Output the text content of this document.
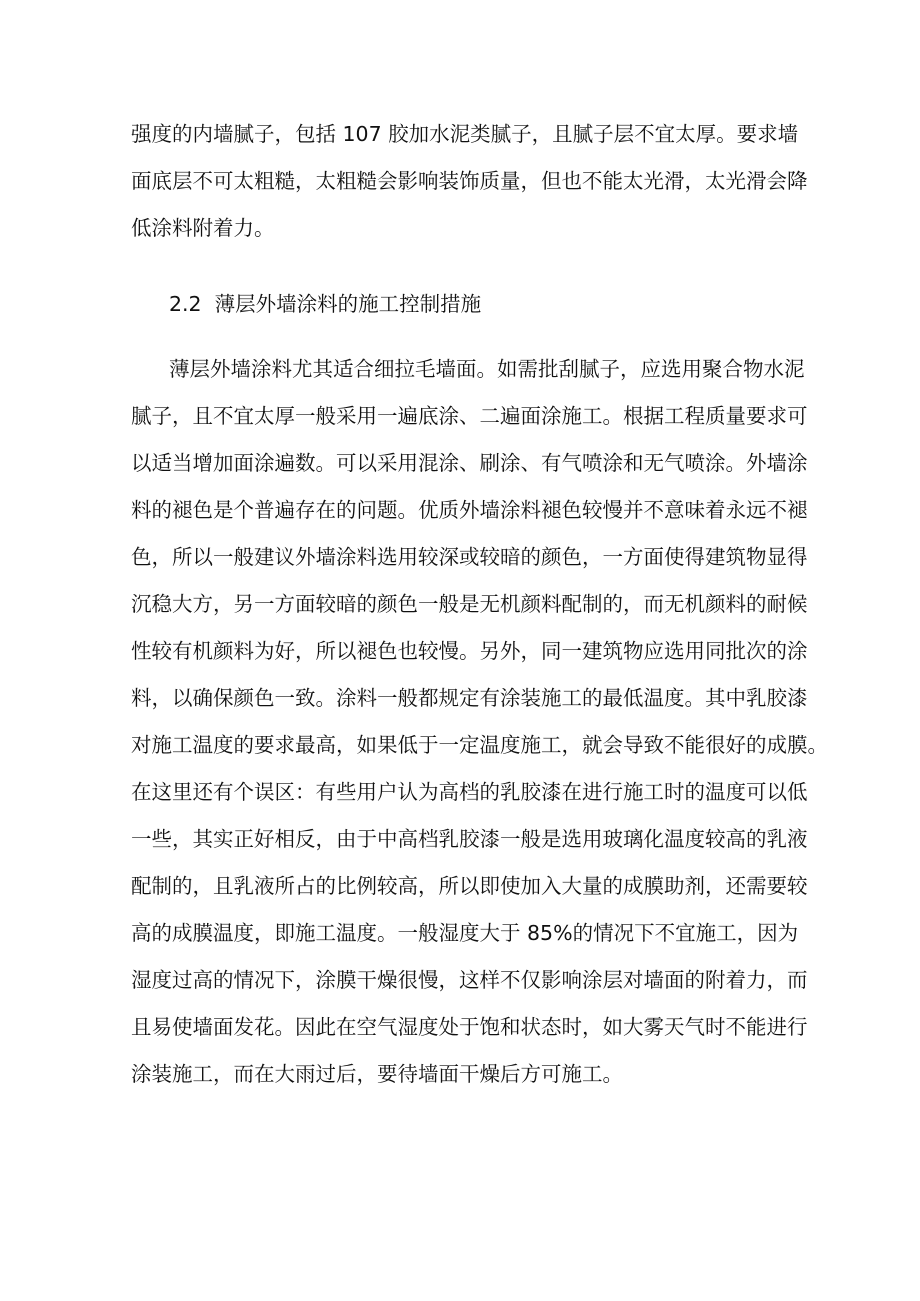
强度的内墙腻子，包括 107 胶加水泥类腻子，且腻子层不宜太厚。要求墙
面底层不可太粗糙，太粗糙会影响装饰质量，但也不能太光滑，太光滑会降
低涂料附着力。
2.2  薄层外墙涂料的施工控制措施
薄层外墙涂料尤其适合细拉毛墙面。如需批刮腻子，应选用聚合物水泥
腻子，且不宜太厚一般采用一遍底涂、二遍面涂施工。根据工程质量要求可
以适当增加面涂遍数。可以采用混涂、刷涂、有气喷涂和无气喷涂。外墙涂
料的褪色是个普遍存在的问题。优质外墙涂料褪色较慢并不意味着永远不褪
色，所以一般建议外墙涂料选用较深或较暗的颜色，一方面使得建筑物显得
沉稳大方，另一方面较暗的颜色一般是无机颜料配制的，而无机颜料的耐候
性较有机颜料为好，所以褪色也较慢。另外，同一建筑物应选用同批次的涂
料，以确保颜色一致。涂料一般都规定有涂装施工的最低温度。其中乳胶漆
对施工温度的要求最高，如果低于一定温度施工，就会导致不能很好的成膜。
在这里还有个误区：有些用户认为高档的乳胶漆在进行施工时的温度可以低
一些，其实正好相反，由于中高档乳胶漆一般是选用玻璃化温度较高的乳液
配制的，且乳液所占的比例较高，所以即使加入大量的成膜助剂，还需要较
高的成膜温度，即施工温度。一般湿度大于 85%的情况下不宜施工，因为
湿度过高的情况下，涂膜干燥很慢，这样不仅影响涂层对墙面的附着力，而
且易使墙面发花。因此在空气湿度处于饱和状态时，如大雾天气时不能进行
涂装施工，而在大雨过后，要待墙面干燥后方可施工。
